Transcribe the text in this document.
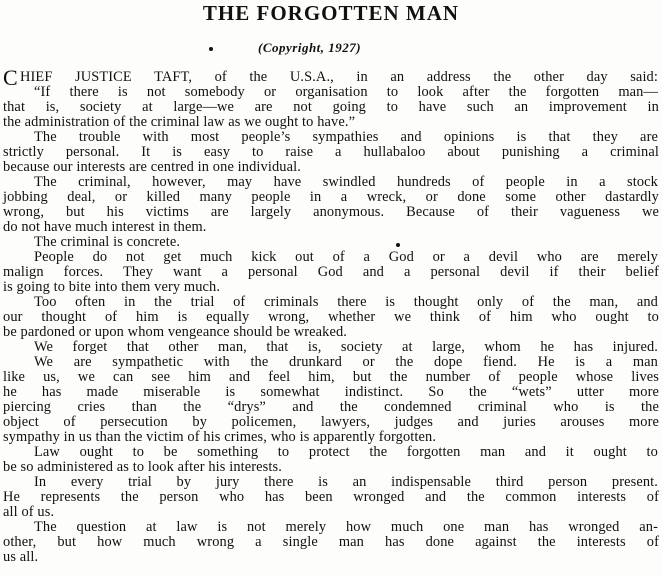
THE FORGOTTEN MAN
(Copyright, 1927)
HIEF JUSTICE TAFT, of the U.S.A., in an address the other day said:
“If there is not somebody or organisation to look after the forgotten man—
that is, society at large—we are not going to have such an improvement in
the administration of the criminal law as we ought to have.”
The trouble with most people’s sympathies and opinions is that they are
strictly personal. It is easy to raise a hullabaloo about punishing a criminal
because our interests are centred in one individual.
The criminal, however, may have swindled hundreds of people in a stock
jobbing deal, or killed many people in a wreck, or done some other dastardly
wrong, but his victims are largely anonymous. Because of their vagueness we
do not have much interest in them.
The criminal is concrete.
People do not get much kick out of a God or a devil who are merely
malign forces. They want a personal God and a personal devil if their belief
is going to bite into them very much.
Too often in the trial of criminals there is thought only of the man, and
our thought of him is equally wrong, whether we think of him who ought to
be pardoned or upon whom vengeance should be wreaked.
We forget that other man, that is, society at large, whom he has injured.
We are sympathetic with the drunkard or the dope fiend. He is a man
like us, we can see him and feel him, but the number of people whose lives
he has made miserable is somewhat indistinct. So the “wets” utter more
piercing cries than the “drys” and the condemned criminal who is the
object of persecution by policemen, lawyers, judges and juries arouses more
sympathy in us than the victim of his crimes, who is apparently forgotten.
Law ought to be something to protect the forgotten man and it ought to
be so administered as to look after his interests.
In every trial by jury there is an indispensable third person present.
He represents the person who has been wronged and the common interests of
all of us.
The question at law is not merely how much one man has wronged an-
other, but how much wrong a single man has done against the interests of
us all.
C
